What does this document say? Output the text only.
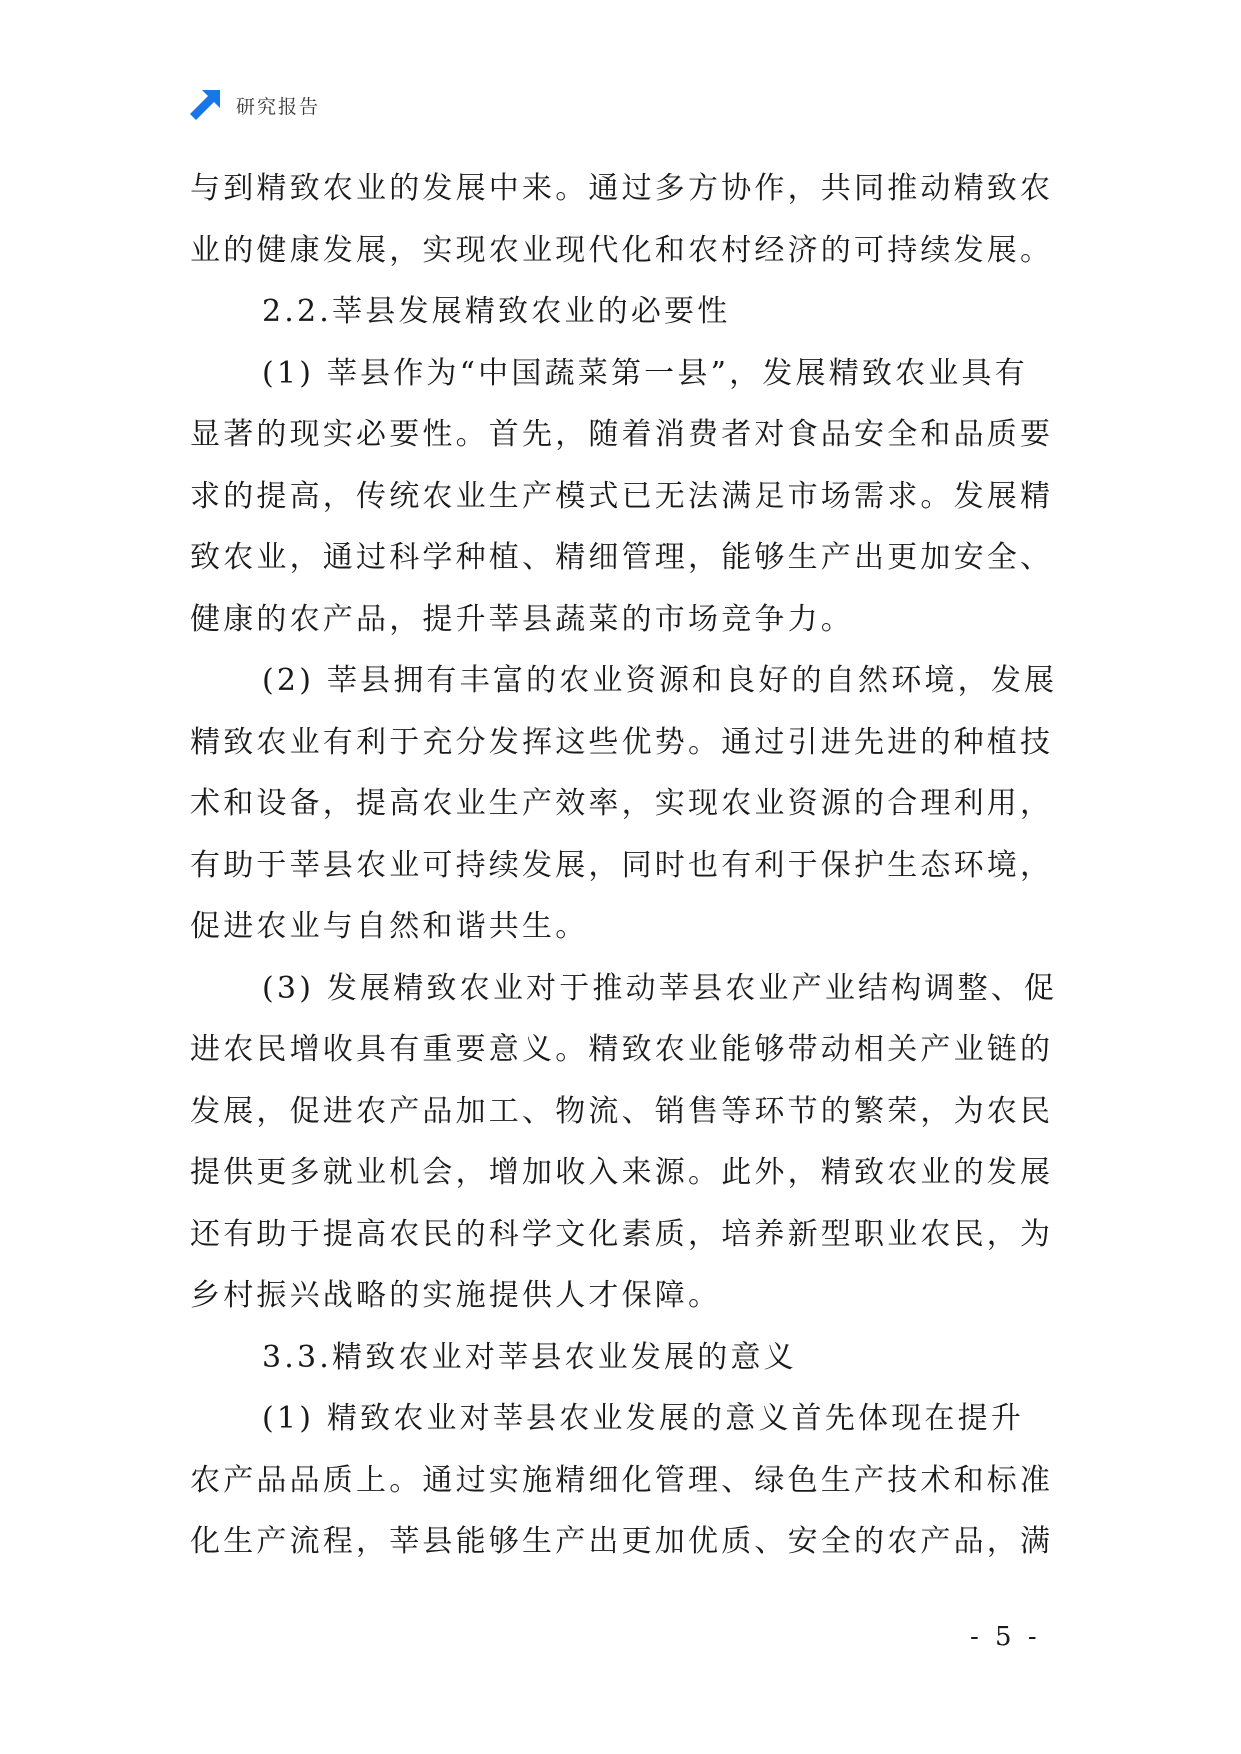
研究报告
与到精致农业的发展中来。通过多方协作，共同推动精致农
业的健康发展，实现农业现代化和农村经济的可持续发展。
2.2.莘县发展精致农业的必要性
(1) 莘县作为“中国蔬菜第一县”，发展精致农业具有
显著的现实必要性。首先，随着消费者对食品安全和品质要
求的提高，传统农业生产模式已无法满足市场需求。发展精
致农业，通过科学种植、精细管理，能够生产出更加安全、
健康的农产品，提升莘县蔬菜的市场竞争力。
(2) 莘县拥有丰富的农业资源和良好的自然环境，发展
精致农业有利于充分发挥这些优势。通过引进先进的种植技
术和设备，提高农业生产效率，实现农业资源的合理利用，
有助于莘县农业可持续发展，同时也有利于保护生态环境，
促进农业与自然和谐共生。
(3) 发展精致农业对于推动莘县农业产业结构调整、促
进农民增收具有重要意义。精致农业能够带动相关产业链的
发展，促进农产品加工、物流、销售等环节的繁荣，为农民
提供更多就业机会，增加收入来源。此外，精致农业的发展
还有助于提高农民的科学文化素质，培养新型职业农民，为
乡村振兴战略的实施提供人才保障。
3.3.精致农业对莘县农业发展的意义
(1) 精致农业对莘县农业发展的意义首先体现在提升
农产品品质上。通过实施精细化管理、绿色生产技术和标准
化生产流程，莘县能够生产出更加优质、安全的农产品，满
- 5 -
